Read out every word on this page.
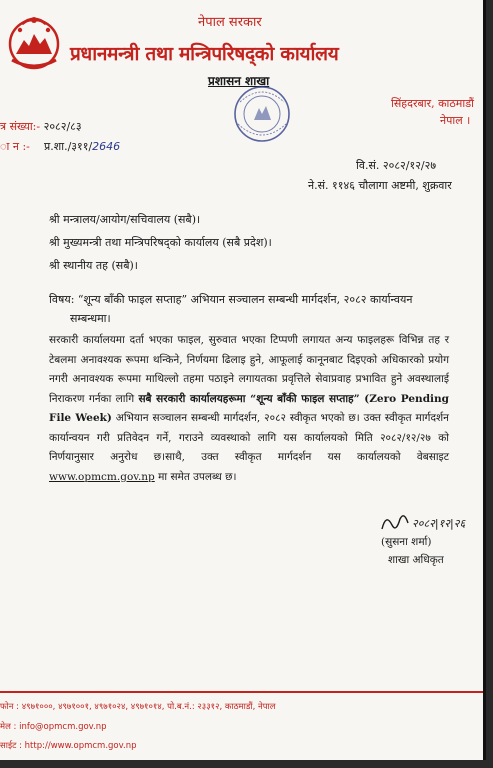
नेपाल सरकार
प्रधानमन्त्री तथा मन्त्रिपरिषद्को कार्यालय
प्रशासन शाखा
सिंहदरबार, काठमाडौं
नेपाल ।
त्र संख्या:- २०८२/८३
ा न :- प्र.शा./३११/2646
वि.सं. २०८२/१२/२७
ने.सं. ११४६ चौलागा अष्टमी, शुक्रवार
श्री मन्त्रालय/आयोग/सचिवालय (सबै)।
श्री मुख्यमन्त्री तथा मन्त्रिपरिषद्को कार्यालय (सबै प्रदेश)।
श्री स्थानीय तह (सबै)।
विषय: “शून्य बाँकी फाइल सप्ताह” अभियान सञ्चालन सम्बन्धी मार्गदर्शन, २०८२ कार्यान्वयन
सम्बन्धमा।
सरकारी कार्यालयमा दर्ता भएका फाइल, सुरुवात भएका टिप्पणी लगायत अन्य फाइलहरू विभिन्न तह र टेबलमा अनावश्यक रूपमा थन्किने, निर्णयमा ढिलाइ हुने, आफूलाई कानूनबाट दिइएको अधिकारको प्रयोग नगरी अनावश्यक रूपमा माथिल्लो तहमा पठाइने लगायतका प्रवृत्तिले सेवाप्रवाह प्रभावित हुने अवस्थालाई निराकरण गर्नका लागि सबै सरकारी कार्यालयहरूमा “शून्य बाँकी फाइल सप्ताह” (Zero Pending File Week) अभियान सञ्चालन सम्बन्धी मार्गदर्शन, २०८२ स्वीकृत भएको छ। उक्त स्वीकृत मार्गदर्शन कार्यान्वयन गरी प्रतिवेदन गर्ने, गराउने व्यवस्थाको लागि यस कार्यालयको मिति २०८२/१२/२७ को निर्णयानुसार अनुरोध छ।साथै, उक्त स्वीकृत मार्गदर्शन यस कार्यालयको वेबसाइट www.opmcm.gov.np मा समेत उपलब्ध छ।
२०८२|१२|२६
(सुसना शर्मा)
शाखा अधिकृत
फोन : ४९७१०००, ४९७१००१, ४९७१०२४, ४९७१०१४, पो.ब.नं.: २३३१२, काठमाडौं, नेपाल
मेल : info@opmcm.gov.np
साईट : http://www.opmcm.gov.np
